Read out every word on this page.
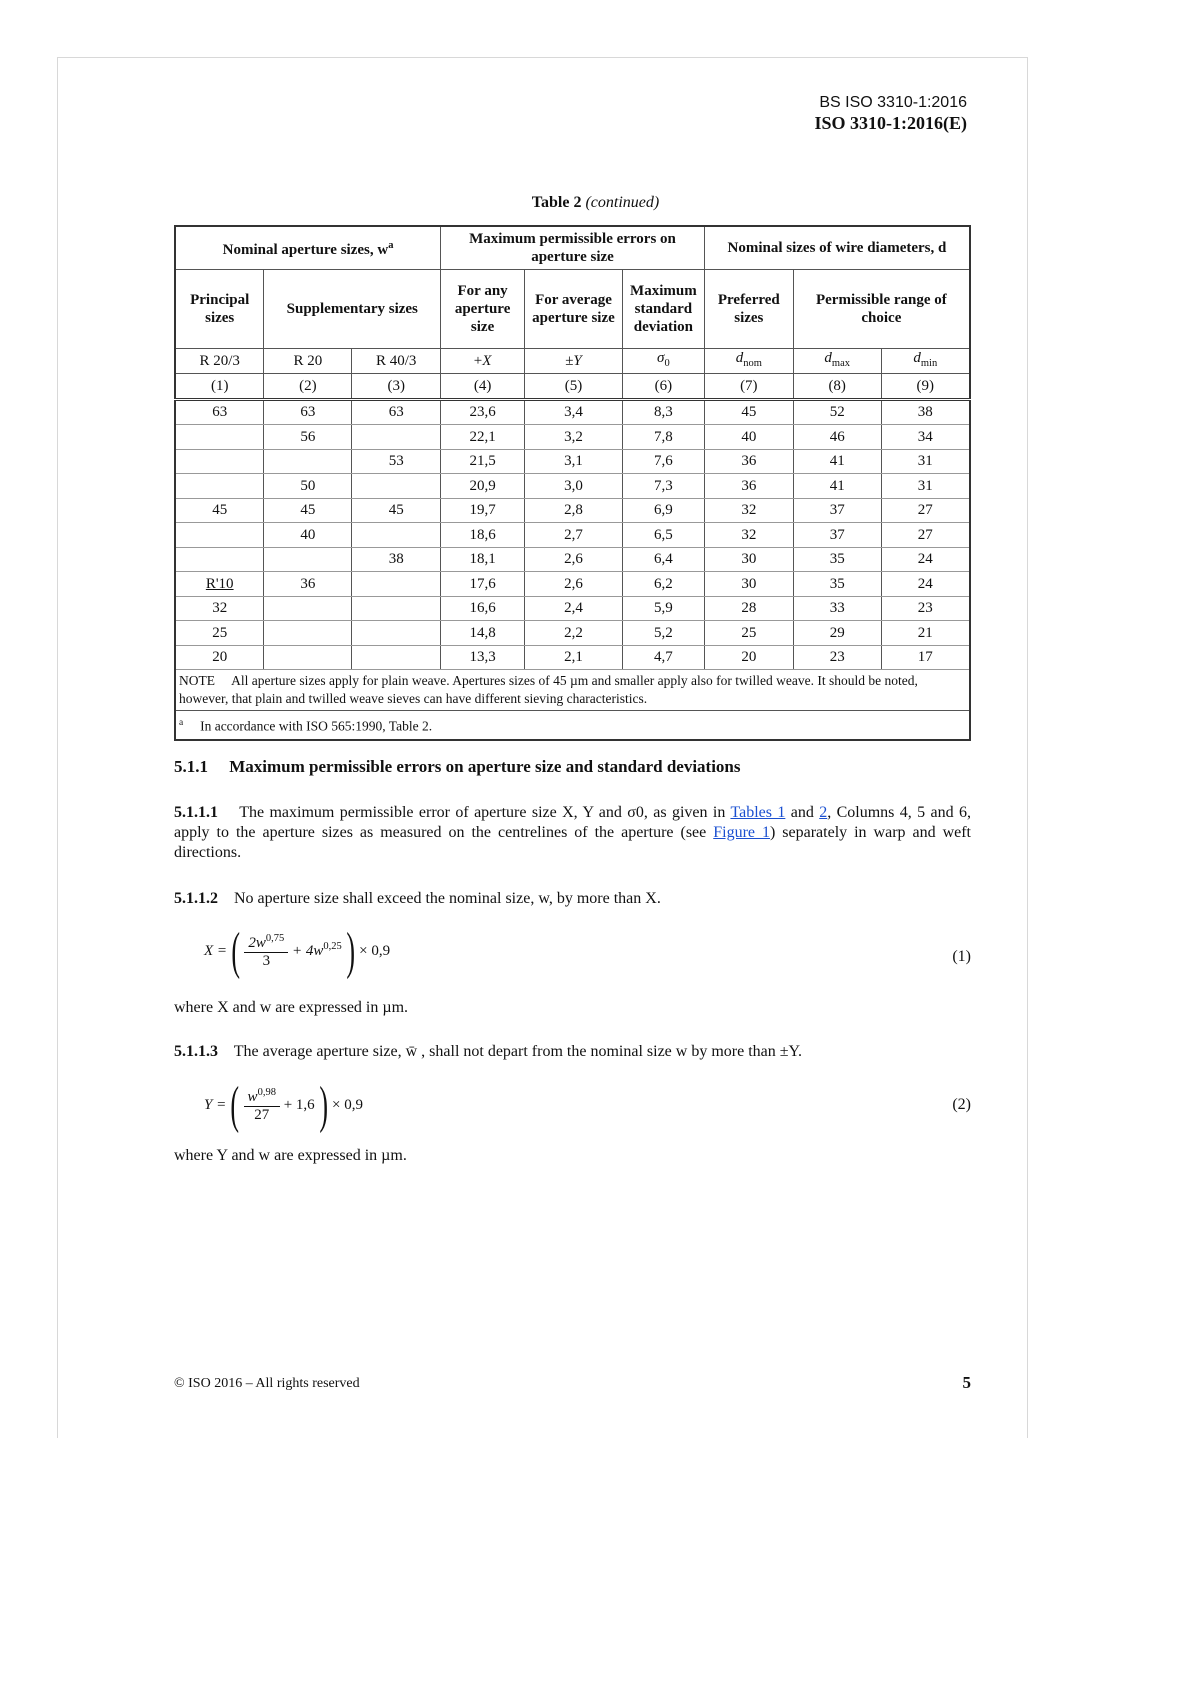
BS ISO 3310-1:2016
ISO 3310-1:2016(E)
Table 2 (continued)
Nominal aperture sizes, $w^a$			Maximum permissible errors on aperture size			Nominal sizes of wire diameters, d		
Principal sizes	Supplementary sizes		For any aperture size	For average aperture size	Maximum standard deviation	Preferred sizes	Permissible range of choice	
R 20/3	R 20	R 40/3	+X	±Y	$\sigma_0$	$d_{nom}$	$d_{max}$	$d_{min}$
(1)	(2)	(3)	(4)	(5)	(6)	(7)	(8)	(9)
63	63	63	23,6	3,4	8,3	45	52	38
	56		22,1	3,2	7,8	40	46	34
		53	21,5	3,1	7,6	36	41	31
	50		20,9	3,0	7,3	36	41	31
45	45	45	19,7	2,8	6,9	32	37	27
	40		18,6	2,7	6,5	32	37	27
		38	18,1	2,6	6,4	30	35	24
R'10	36		17,6	2,6	6,2	30	35	24
32			16,6	2,4	5,9	28	33	23
25			14,8	2,2	5,2	25	29	21
20			13,3	2,1	4,7	20	23	17
NOTE All aperture sizes apply for plain weave. Apertures sizes of 45 µm and smaller apply also for twilled weave. It should be noted, however, that plain and twilled weave sieves can have different sieving characteristics.								
$^a$ In accordance with ISO 565:1990, Table 2.								
5.1.1 Maximum permissible errors on aperture size and standard deviations
5.1.1.1 The maximum permissible error of aperture size X, Y and σ0, as given in Tables 1 and 2, Columns 4, 5 and 6, apply to the aperture sizes as measured on the centrelines of the aperture (see Figure 1) separately in warp and weft directions.
5.1.1.2 No aperture size shall exceed the nominal size, w, by more than X.
X =( $\frac{2w^{0,75}}{3} + 4w^{0,25}) \times 0,9$	(1)
where X and w are expressed in µm.
5.1.1.3 The average aperture size, w̄ , shall not depart from the nominal size w by more than ±Y.
Y =( $\frac{w^{0,98}}{27} + 1,6) \times 0,9$	(2)
where Y and w are expressed in µm.
© ISO 2016 – All rights reserved	5
